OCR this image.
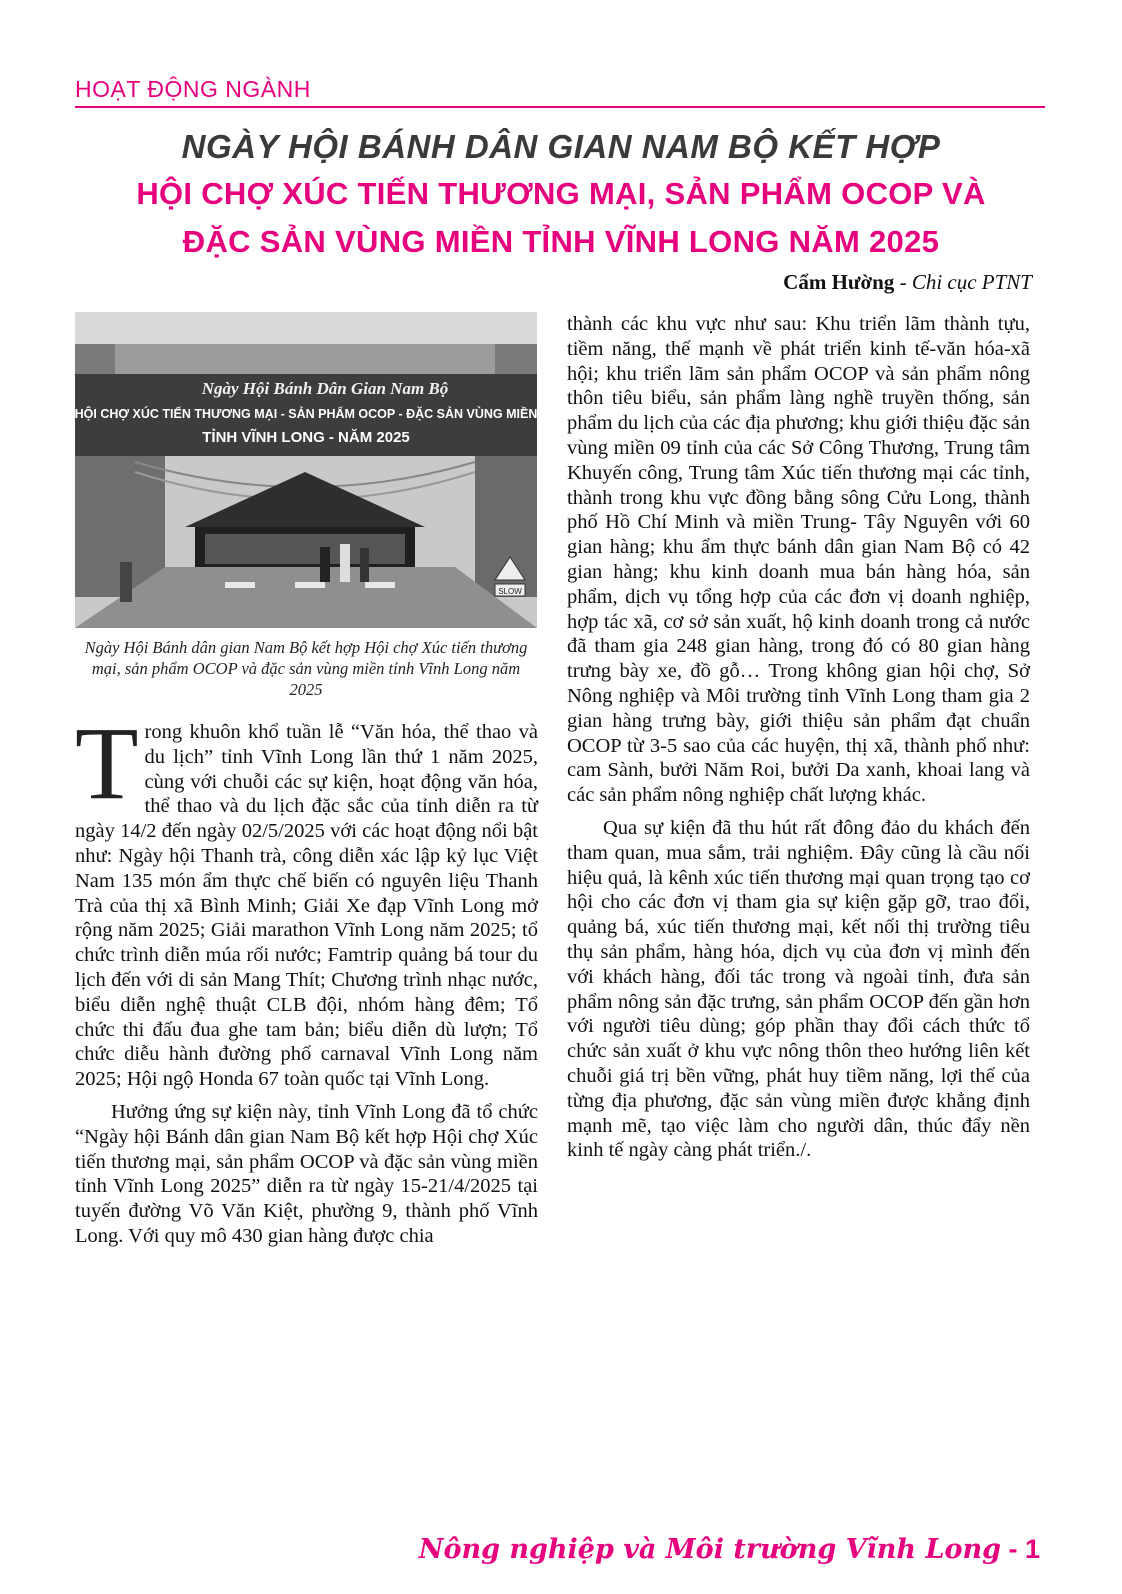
HOẠT ĐỘNG NGÀNH
NGÀY HỘI BÁNH DÂN GIAN NAM BỘ KẾT HỢP
HỘI CHỢ XÚC TIẾN THƯƠNG MẠI, SẢN PHẨM OCOP VÀ
ĐẶC SẢN VÙNG MIỀN TỈNH VĨNH LONG NĂM 2025
Cẩm Hường - Chi cục PTNT
Ngày Hội Bánh Dân Gian Nam Bộ
HỘI CHỢ XÚC TIẾN THƯƠNG MẠI - SẢN PHẨM OCOP - ĐẶC SẢN VÙNG MIỀN
TỈNH VĨNH LONG - NĂM 2025
SLOW
Ngày Hội Bánh dân gian Nam Bộ kết hợp Hội chợ Xúc tiến thương mại, sản phẩm OCOP và đặc sản vùng miền tỉnh Vĩnh Long năm 2025

Trong khuôn khổ tuần lễ “Văn hóa, thể thao và du lịch” tỉnh Vĩnh Long lần thứ 1 năm 2025, cùng với chuỗi các sự kiện, hoạt động văn hóa, thể thao và du lịch đặc sắc của tỉnh diễn ra từ ngày 14/2 đến ngày 02/5/2025 với các hoạt động nổi bật như: Ngày hội Thanh trà, công diễn xác lập kỷ lục Việt Nam 135 món ẩm thực chế biến có nguyên liệu Thanh Trà của thị xã Bình Minh; Giải Xe đạp Vĩnh Long mở rộng năm 2025; Giải marathon Vĩnh Long năm 2025; tổ chức trình diễn múa rối nước; Famtrip quảng bá tour du lịch đến với di sản Mang Thít; Chương trình nhạc nước, biểu diễn nghệ thuật CLB đội, nhóm hàng đêm; Tổ chức thi đấu đua ghe tam bản; biểu diễn dù lượn; Tổ chức diễu hành đường phố carnaval Vĩnh Long năm 2025; Hội ngộ Honda 67 toàn quốc tại Vĩnh Long.

Hưởng ứng sự kiện này, tỉnh Vĩnh Long đã tổ chức “Ngày hội Bánh dân gian Nam Bộ kết hợp Hội chợ Xúc tiến thương mại, sản phẩm OCOP và đặc sản vùng miền tỉnh Vĩnh Long 2025” diễn ra từ ngày 15-21/4/2025 tại tuyến đường Võ Văn Kiệt, phường 9, thành phố Vĩnh Long. Với quy mô 430 gian hàng được chia

thành các khu vực như sau: Khu triển lãm thành tựu, tiềm năng, thế mạnh về phát triển kinh tế-văn hóa-xã hội; khu triển lãm sản phẩm OCOP và sản phẩm nông thôn tiêu biểu, sản phẩm làng nghề truyền thống, sản phẩm du lịch của các địa phương; khu giới thiệu đặc sản vùng miền 09 tỉnh của các Sở Công Thương, Trung tâm Khuyến công, Trung tâm Xúc tiến thương mại các tỉnh, thành trong khu vực đồng bằng sông Cửu Long, thành phố Hồ Chí Minh và miền Trung- Tây Nguyên với 60 gian hàng; khu ẩm thực bánh dân gian Nam Bộ có 42 gian hàng; khu kinh doanh mua bán hàng hóa, sản phẩm, dịch vụ tổng hợp của các đơn vị doanh nghiệp, hợp tác xã, cơ sở sản xuất, hộ kinh doanh trong cả nước đã tham gia 248 gian hàng, trong đó có 80 gian hàng trưng bày xe, đồ gỗ… Trong không gian hội chợ, Sở Nông nghiệp và Môi trường tỉnh Vĩnh Long tham gia 2 gian hàng trưng bày, giới thiệu sản phẩm đạt chuẩn OCOP từ 3-5 sao của các huyện, thị xã, thành phố như: cam Sành, bưởi Năm Roi, bưởi Da xanh, khoai lang và các sản phẩm nông nghiệp chất lượng khác.

Qua sự kiện đã thu hút rất đông đảo du khách đến tham quan, mua sắm, trải nghiệm. Đây cũng là cầu nối hiệu quả, là kênh xúc tiến thương mại quan trọng tạo cơ hội cho các đơn vị tham gia sự kiện gặp gỡ, trao đổi, quảng bá, xúc tiến thương mại, kết nối thị trường tiêu thụ sản phẩm, hàng hóa, dịch vụ của đơn vị mình đến với khách hàng, đối tác trong và ngoài tỉnh, đưa sản phẩm nông sản đặc trưng, sản phẩm OCOP đến gần hơn với người tiêu dùng; góp phần thay đổi cách thức tổ chức sản xuất ở khu vực nông thôn theo hướng liên kết chuỗi giá trị bền vững, phát huy tiềm năng, lợi thế của từng địa phương, đặc sản vùng miền được khẳng định mạnh mẽ, tạo việc làm cho người dân, thúc đẩy nền kinh tế ngày càng phát triển./.

Nông nghiệp và Môi trường Vĩnh Long - 1
